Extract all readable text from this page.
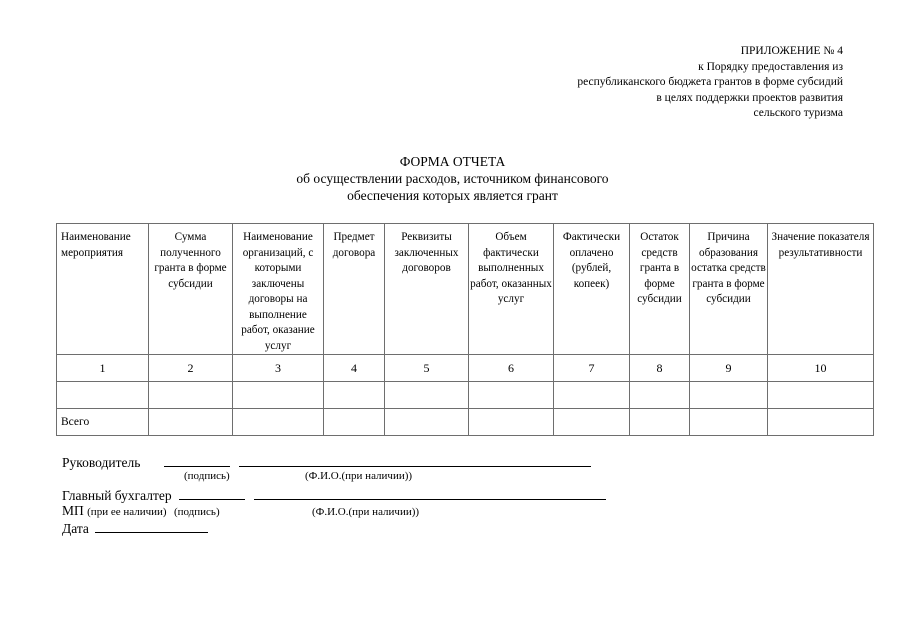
ПРИЛОЖЕНИЕ № 4
к Порядку предоставления из
республиканского бюджета грантов в форме субсидий
в целях поддержки проектов развития
сельского туризма
ФОРМА ОТЧЕТА
об осуществлении расходов, источником финансового
обеспечения которых является грант
Наименование мероприятия	Сумма полученного гранта в форме субсидии	Наименование организаций, с которыми заключены договоры на выполнение работ, оказание услуг	Предмет договора	Реквизиты заключенных договоров	Объем фактически выполненных работ, оказанных услуг	Фактически оплачено (рублей, копеек)	Остаток средств гранта в форме субсидии	Причина образования остатка средств гранта в форме субсидии	Значение показателя результативности
1	2	3	4	5	6	7	8	9	10

Всего									
Руководитель
(подпись)	(Ф.И.О.(при наличии))
Главный бухгалтер
МП (при ее наличии) (подпись)	(Ф.И.О.(при наличии))
Дата
